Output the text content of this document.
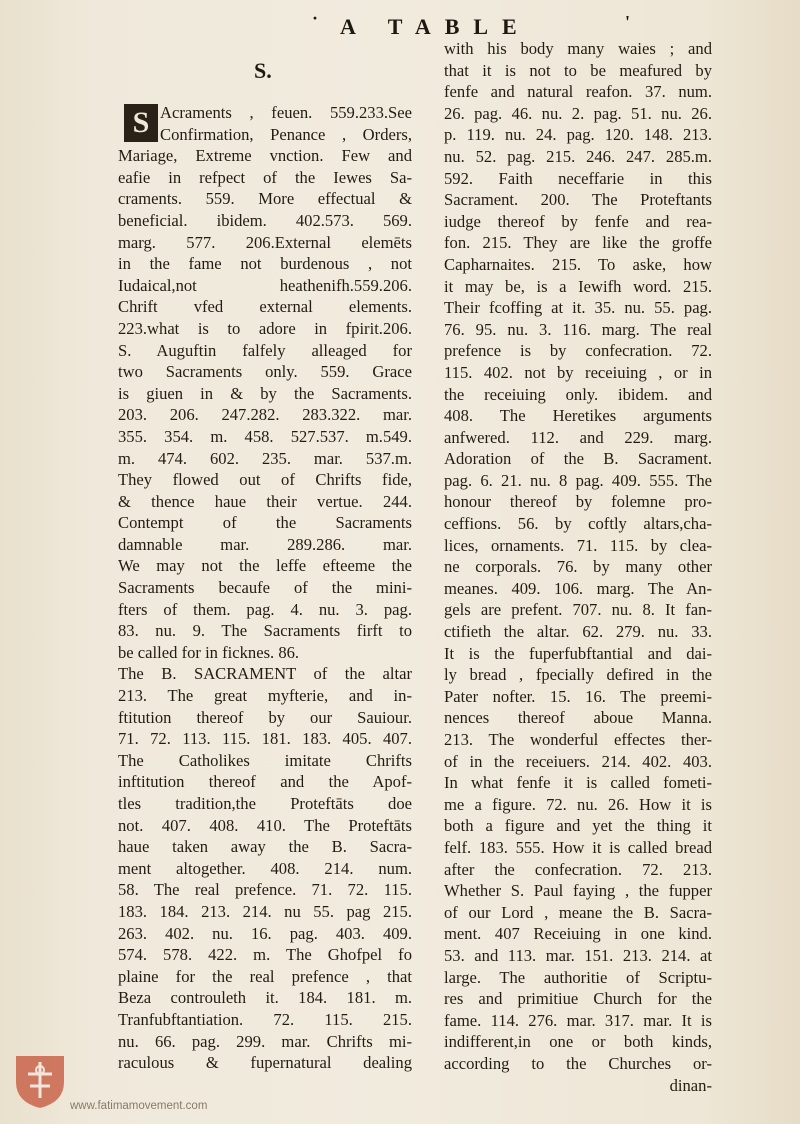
· A TABLE	'
S.
S Acraments , feuen. 559.233.See
Confirmation, Penance , Orders,
Mariage, Extreme vnction. Few and
eafie in refpect of the Iewes Sa-
craments. 559. More effectual &
beneficial. ibidem. 402.573. 569.
marg. 577. 206.External elemēts
in the fame not burdenous , not
Iudaical,not heathenifh.559.206.
Chrift vfed external elements.
223.what is to adore in fpirit.206.
S. Auguftin falfely alleaged for
two Sacraments only. 559. Grace
is giuen in & by the Sacraments.
203. 206. 247.282. 283.322. mar.
355. 354. m. 458. 527.537. m.549.
m. 474. 602. 235. mar. 537.m.
They flowed out of Chrifts fide,
& thence haue their vertue. 244.
Contempt of the Sacraments
damnable mar. 289.286. mar.
We may not the leffe efteeme the
Sacraments becaufe of the mini-
fters of them. pag. 4. nu. 3. pag.
83. nu. 9. The Sacraments firft to
be called for in ficknes. 86.
The B. SACRAMENT of the altar
213. The great myfterie, and in-
ftitution thereof by our Sauiour.
71. 72. 113. 115. 181. 183. 405. 407.
The Catholikes imitate Chrifts
inftitution thereof and the Apof-
tles tradition,the Proteftāts doe
not. 407. 408. 410. The Proteftāts
haue taken away the B. Sacra-
ment altogether. 408. 214. num.
58. The real prefence. 71. 72. 115.
183. 184. 213. 214. nu 55. pag 215.
263. 402. nu. 16. pag. 403. 409.
574. 578. 422. m. The Ghofpel fo
plaine for the real prefence , that
Beza controuleth it. 184. 181. m.
Tranfubftantiation. 72. 115. 215.
nu. 66. pag. 299. mar. Chrifts mi-
raculous & fupernatural dealing
with his body many waies ; and
that it is not to be meafured by
fenfe and natural reafon. 37. num.
26. pag. 46. nu. 2. pag. 51. nu. 26.
p. 119. nu. 24. pag. 120. 148. 213.
nu. 52. pag. 215. 246. 247. 285.m.
592. Faith neceffarie in this
Sacrament. 200. The Proteftants
iudge thereof by fenfe and rea-
fon. 215. They are like the groffe
Capharnaites. 215. To aske, how
it may be, is a Iewifh word. 215.
Their fcoffing at it. 35. nu. 55. pag.
76. 95. nu. 3. 116. marg. The real
prefence is by confecration. 72.
115. 402. not by receiuing , or in
the receiuing only. ibidem. and
408. The Heretikes arguments
anfwered. 112. and 229. marg.
Adoration of the B. Sacrament.
pag. 6. 21. nu. 8 pag. 409. 555. The
honour thereof by folemne pro-
ceffions. 56. by coftly altars,cha-
lices, ornaments. 71. 115. by clea-
ne corporals. 76. by many other
meanes. 409. 106. marg. The An-
gels are prefent. 707. nu. 8. It fan-
ctifieth the altar. 62. 279. nu. 33.
It is the fuperfubftantial and dai-
ly bread , fpecially defired in the
Pater nofter. 15. 16. The preemi-
nences thereof aboue Manna.
213. The wonderful effectes ther-
of in the receiuers. 214. 402. 403.
In what fenfe it is called fometi-
me a figure. 72. nu. 26. How it is
both a figure and yet the thing it
felf. 183. 555. How it is called bread
after the confecration. 72. 213.
Whether S. Paul faying , the fupper
of our Lord , meane the B. Sacra-
ment. 407 Receiuing in one kind.
53. and 113. mar. 151. 213. 214. at
large. The authoritie of Scriptu-
res and primitiue Church for the
fame. 114. 276. mar. 317. mar. It is
indifferent,in one or both kinds,
according to the Churches or-
dinan-
www.fatimamovement.com
